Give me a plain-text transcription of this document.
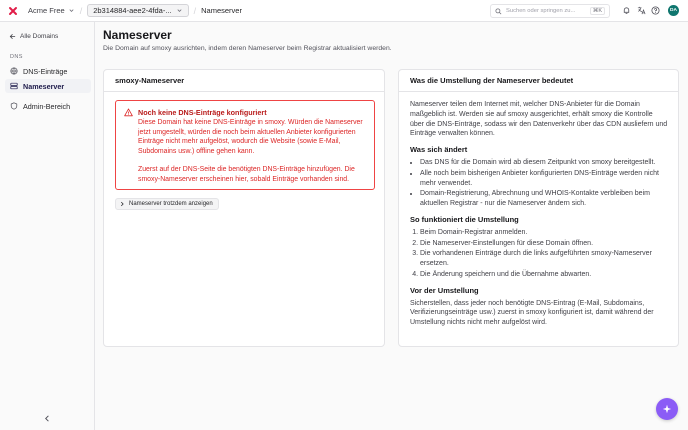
Acme Free / 2b314884-aee2-4fda-... / Nameserver	Suchen oder springen zu...	⌘K	DA
Alle Domains
DNS
DNS-Einträge
Nameserver
Admin-Bereich
Nameserver
Die Domain auf smoxy ausrichten, indem deren Nameserver beim Registrar aktualisiert werden.
smoxy-Nameserver
Noch keine DNS-Einträge konfiguriert
Diese Domain hat keine DNS-Einträge in smoxy. Würden die Nameserver jetzt umgestellt, würden die noch beim aktuellen Anbieter konfigurierten Einträge nicht mehr aufgelöst, wodurch die Website (sowie E-Mail, Subdomains usw.) offline gehen kann.
Zuerst auf der DNS-Seite die benötigten DNS-Einträge hinzufügen. Die smoxy-Nameserver erscheinen hier, sobald Einträge vorhanden sind.
Nameserver trotzdem anzeigen
Was die Umstellung der Nameserver bedeutet

Nameserver teilen dem Internet mit, welcher DNS-Anbieter für die Domain maßgeblich ist. Werden sie auf smoxy ausgerichtet, erhält smoxy die Kontrolle über die DNS-Einträge, sodass wir den Datenverkehr über das CDN ausliefern und Einträge verwalten können.

Was sich ändert
• Das DNS für die Domain wird ab diesem Zeitpunkt von smoxy bereitgestellt.
• Alle noch beim bisherigen Anbieter konfigurierten DNS-Einträge werden nicht mehr verwendet.
• Domain-Registrierung, Abrechnung und WHOIS-Kontakte verbleiben beim aktuellen Registrar - nur die Nameserver ändern sich.
So funktioniert die Umstellung
1. Beim Domain-Registrar anmelden.
2. Die Nameserver-Einstellungen für diese Domain öffnen.
3. Die vorhandenen Einträge durch die links aufgeführten smoxy-Nameserver ersetzen.
4. Die Änderung speichern und die Übernahme abwarten.
Vor der Umstellung

Sicherstellen, dass jeder noch benötigte DNS-Eintrag (E-Mail, Subdomains, Verifizierungseinträge usw.) zuerst in smoxy konfiguriert ist, damit während der Umstellung nichts nicht mehr aufgelöst wird.
